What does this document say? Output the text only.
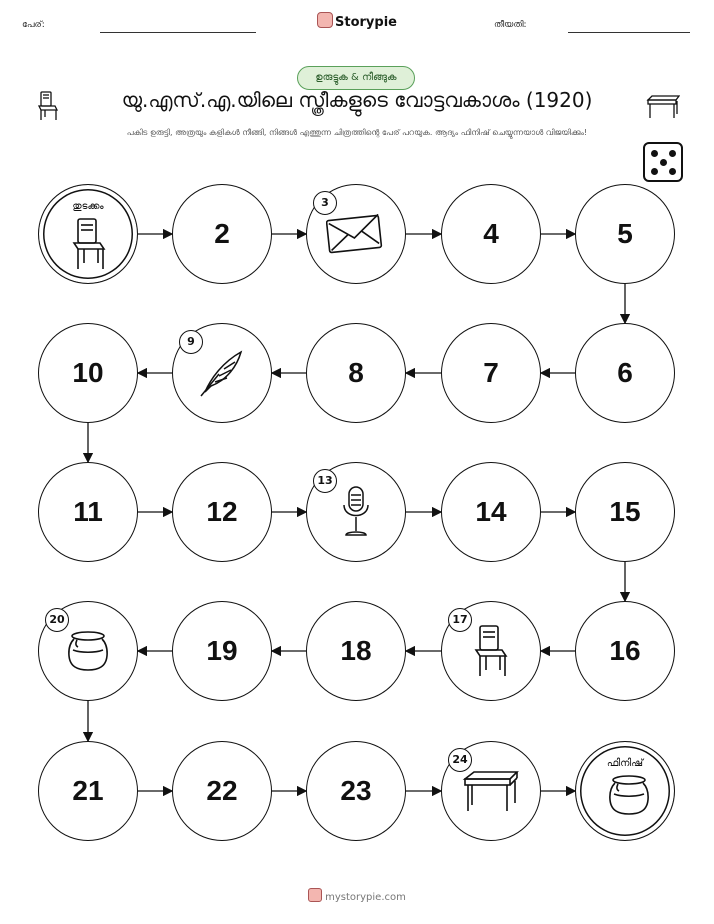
പേര്:	Storypie	തീയതി:
ഉരുട്ടുക & നീങ്ങുക
യു.എസ്.എ.യിലെ സ്ത്രീകളുടെ വോട്ടവകാശം (1920)
പകിട ഉരുട്ടി, അത്രയും കളികൾ നീങ്ങി, നിങ്ങൾ എത്തുന്ന ചിത്രത്തിന്റെ പേര് പറയുക. ആദ്യം ഫിനിഷ് ചെയ്യുന്നയാൾ വിജയിക്കും!
തുടക്കം
2
3
4	5
6
7
8
9
10
11	12
13
14	15
16
17
18
19
20
21	22	23
24	ഫിനിഷ്
mystorypie.com
